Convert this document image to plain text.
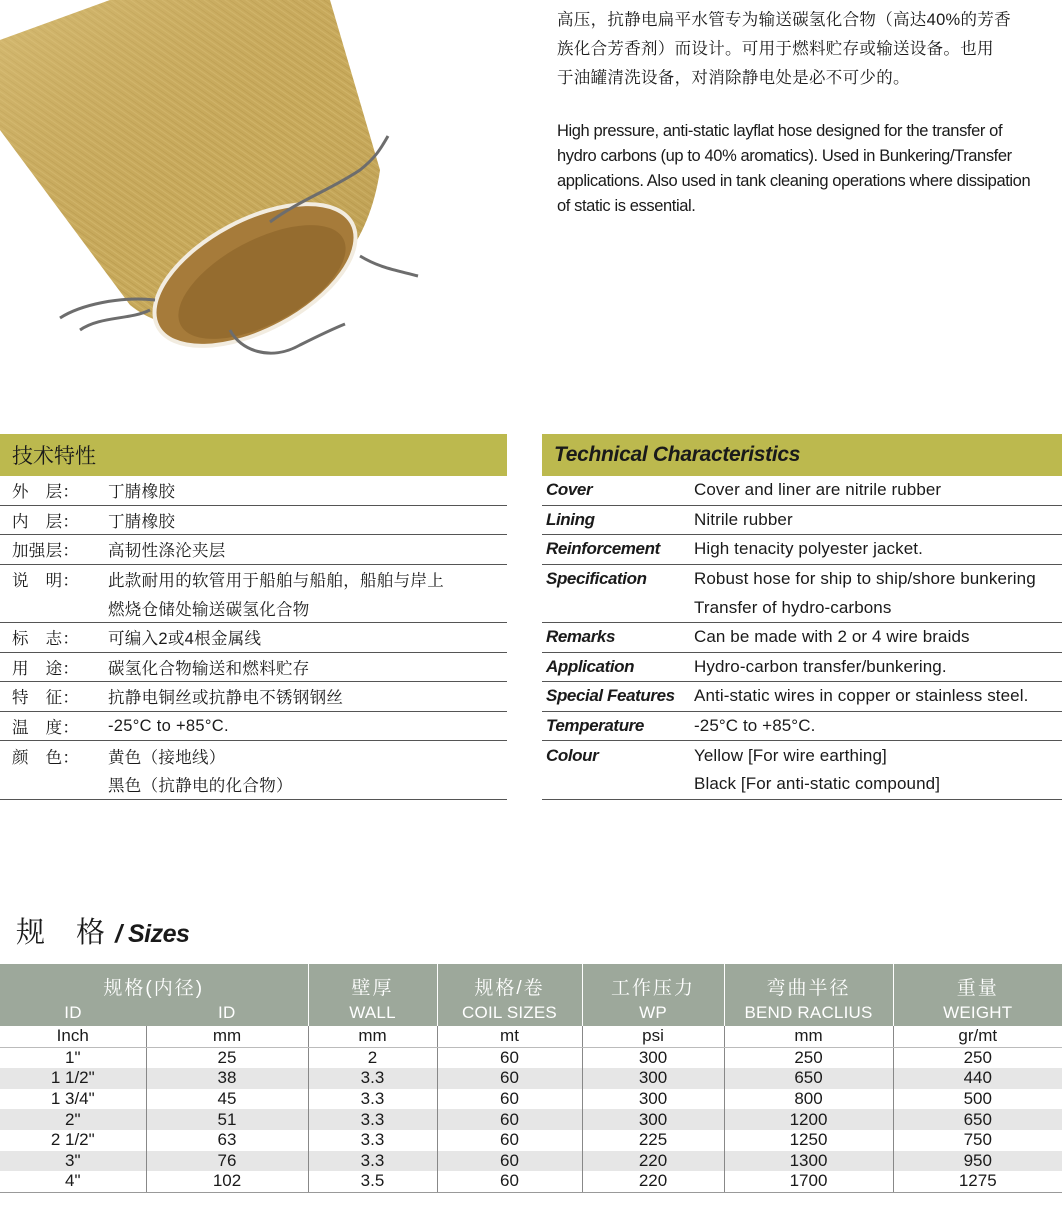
高压，抗静电扁平水管专为输送碳氢化合物（高达40%的芳香

族化合芳香剂）而设计。可用于燃料贮存或输送设备。也用

于油罐清洗设备，对消除静电处是必不可少的。

High pressure, anti-static layflat hose designed for the transfer of
hydro carbons (up to 40% aromatics). Used in Bunkering/Transfer
applications. Also used in tank cleaning operations where dissipation
of static is essential.
技术特性	
外　层：	丁腈橡胶
内　层：	丁腈橡胶
加强层：	高韧性涤沦夹层
说　明：	此款耐用的软管用于船舶与船舶，船舶与岸上
	燃烧仓储处输送碳氢化合物
标　志：	可编入2或4根金属线
用　途：	碳氢化合物输送和燃料贮存
特　征：	抗静电铜丝或抗静电不锈钢钢丝
温　度：	-25°C to +85°C.
颜　色：	黄色（接地线）
	黑色（抗静电的化合物）
Technical Characteristics	
Cover	Cover and liner are nitrile rubber
Lining	Nitrile rubber
Reinforcement	High tenacity polyester jacket.
Specification	Robust hose for ship to ship/shore bunkering
	Transfer of hydro-carbons
Remarks	Can be made with 2 or 4 wire braids
Application	Hydro-carbon transfer/bunkering.
Special Features	Anti-static wires in copper or stainless steel.
Temperature	-25°C to +85°C.
Colour	Yellow [For wire earthing]
	Black [For anti-static compound]
规　格 / Sizes
规格(内径)		壁厚	规格/卷	工作压力	弯曲半径	重量
ID	ID	WALL	COIL SIZES	WP	BEND RACLIUS	WEIGHT
Inch	mm	mm	mt	psi	mm	gr/mt
1"	25	2	60	300	250	250
1 1/2"	38	3.3	60	300	650	440
1 3/4"	45	3.3	60	300	800	500
2"	51	3.3	60	300	1200	650
2 1/2"	63	3.3	60	225	1250	750
3"	76	3.3	60	220	1300	950
4"	102	3.5	60	220	1700	1275
